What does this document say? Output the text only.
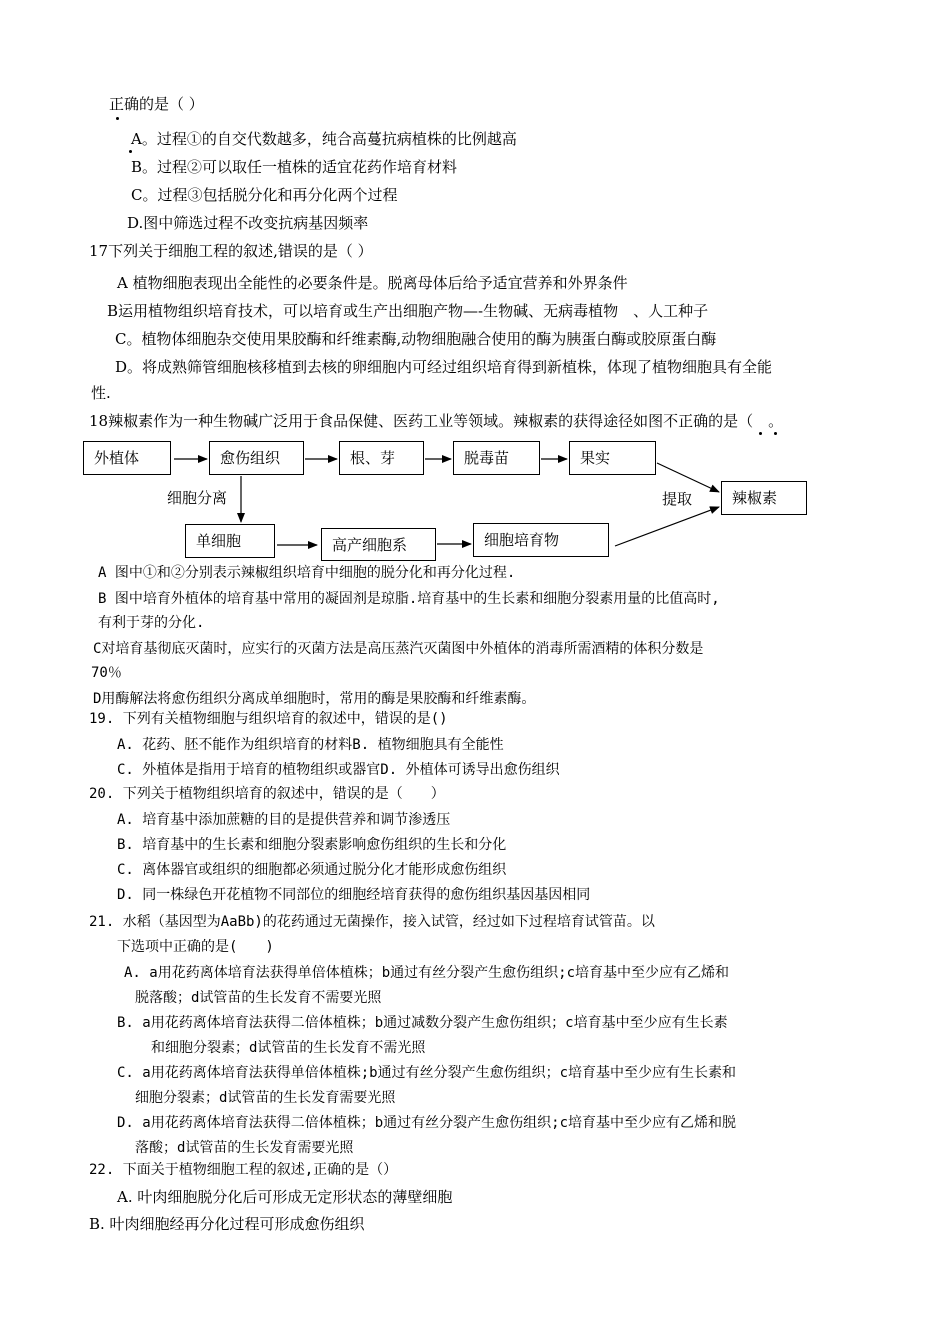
正确的是（ ）
A。过程①的自交代数越多，纯合高蔓抗病植株的比例越高
B。过程②可以取任一植株的适宜花药作培育材料
C。过程③包括脱分化和再分化两个过程
D.图中筛选过程不改变抗病基因频率
17下列关于细胞工程的叙述,错误的是（ ）
A 植物细胞表现出全能性的必要条件是。脱离母体后给予适宜营养和外界条件
B运用植物组织培育技术，可以培育或生产出细胞产物—-生物碱、无病毒植物　、人工种子
C。植物体细胞杂交使用果胶酶和纤维素酶,动物细胞融合使用的酶为胰蛋白酶或胶原蛋白酶
D。将成熟筛管细胞核移植到去核的卵细胞内可经过组织培育得到新植株，体现了植物细胞具有全能
性.
18辣椒素作为一种生物碱广泛用于食品保健、医药工业等领域。辣椒素的获得途径如图不正确的是（　。
外植体	愈伤组织	根、芽	脱毒苗	果实
辣椒素
单细胞	高产细胞系	细胞培育物
细胞分离	提取
A 图中①和②分别表示辣椒组织培育中细胞的脱分化和再分化过程.
B 图中培育外植体的培育基中常用的凝固剂是琼脂.培育基中的生长素和细胞分裂素用量的比值高时,
有利于芽的分化.
C对培育基彻底灭菌时，应实行的灭菌方法是高压蒸汽灭菌图中外植体的消毒所需酒精的体积分数是
70％
D用酶解法将愈伤组织分离成单细胞时，常用的酶是果胶酶和纤维素酶。
19. 下列有关植物细胞与组织培育的叙述中，错误的是()
A. 花药、胚不能作为组织培育的材料B. 植物细胞具有全能性
C. 外植体是指用于培育的植物组织或器官D. 外植体可诱导出愈伤组织
20. 下列关于植物组织培育的叙述中，错误的是（　　）
A. 培育基中添加蔗糖的目的是提供营养和调节渗透压
B. 培育基中的生长素和细胞分裂素影响愈伤组织的生长和分化
C. 离体器官或组织的细胞都必须通过脱分化才能形成愈伤组织
D. 同一株绿色开花植物不同部位的细胞经培育获得的愈伤组织基因基因相同
21. 水稻（基因型为AaBb)的花药通过无菌操作，接入试管，经过如下过程培育试管苗。以
下选项中正确的是(　　)
A. a用花药离体培育法获得单倍体植株；b通过有丝分裂产生愈伤组织;c培育基中至少应有乙烯和
脱落酸；d试管苗的生长发育不需要光照
B. a用花药离体培育法获得二倍体植株；b通过减数分裂产生愈伤组织；c培育基中至少应有生长素
和细胞分裂素；d试管苗的生长发育不需光照
C. a用花药离体培育法获得单倍体植株;b通过有丝分裂产生愈伤组织；c培育基中至少应有生长素和
细胞分裂素；d试管苗的生长发育需要光照
D. a用花药离体培育法获得二倍体植株；b通过有丝分裂产生愈伤组织;c培育基中至少应有乙烯和脱
落酸；d试管苗的生长发育需要光照
22. 下面关于植物细胞工程的叙述,正确的是（）
A. 叶肉细胞脱分化后可形成无定形状态的薄壁细胞
B. 叶肉细胞经再分化过程可形成愈伤组织
